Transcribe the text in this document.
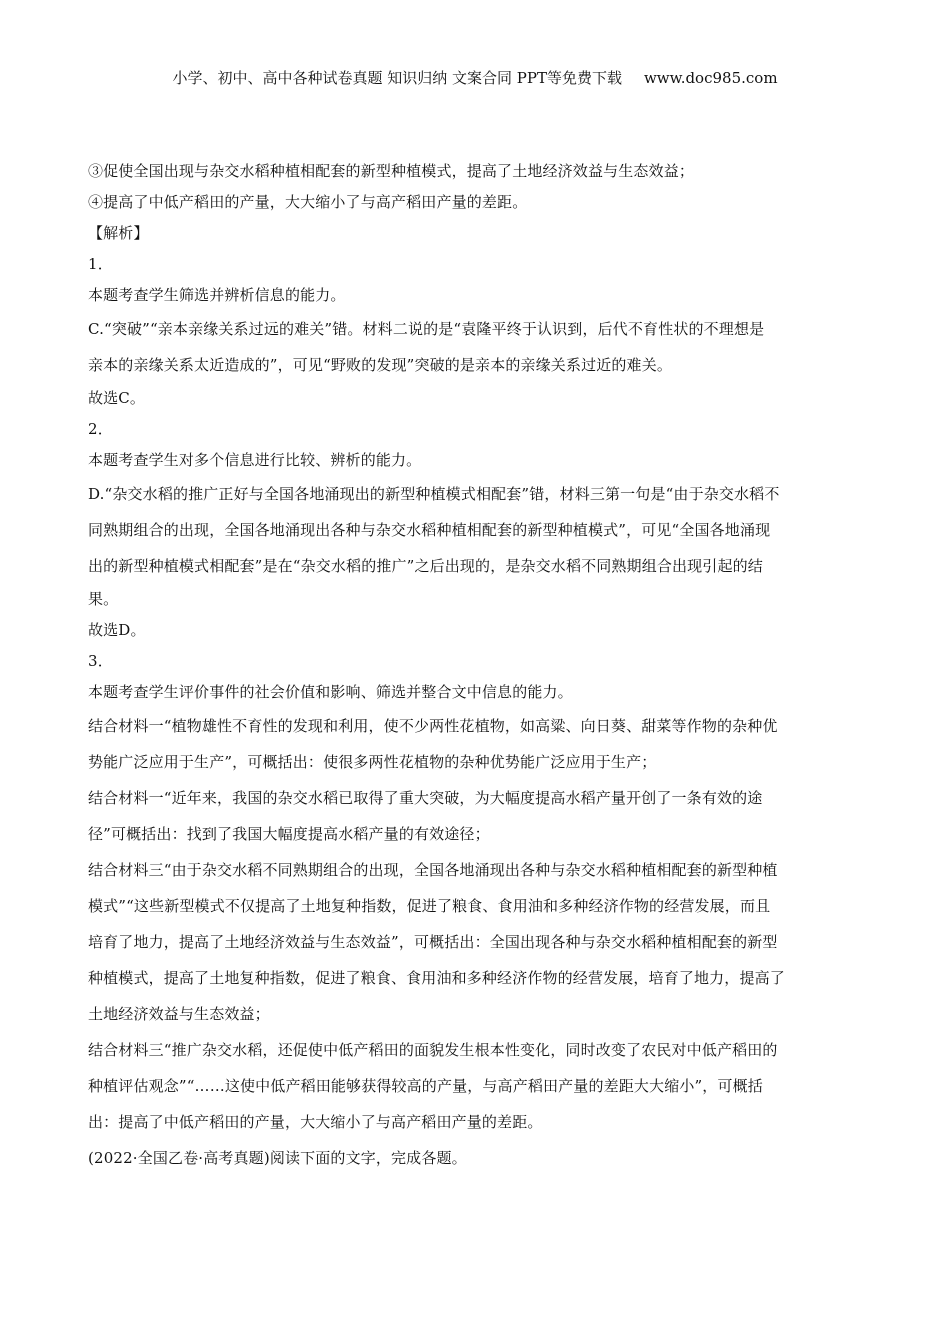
小学、初中、高中各种试卷真题 知识归纳 文案合同 PPT等免费下载 www.doc985.com
③促使全国出现与杂交水稻种植相配套的新型种植模式，提高了土地经济效益与生态效益；
④提高了中低产稻田的产量，大大缩小了与高产稻田产量的差距。
【解析】
1．
本题考查学生筛选并辨析信息的能力。
C.“突破”“亲本亲缘关系过远的难关”错。材料二说的是“袁隆平终于认识到，后代不育性状的不理想是
亲本的亲缘关系太近造成的”，可见“野败的发现”突破的是亲本的亲缘关系过近的难关。
故选C。
2．
本题考查学生对多个信息进行比较、辨析的能力。
D.“杂交水稻的推广正好与全国各地涌现出的新型种植模式相配套”错，材料三第一句是“由于杂交水稻不
同熟期组合的出现，全国各地涌现出各种与杂交水稻种植相配套的新型种植模式”，可见“全国各地涌现
出的新型种植模式相配套”是在“杂交水稻的推广”之后出现的，是杂交水稻不同熟期组合出现引起的结
果。
故选D。
3．
本题考查学生评价事件的社会价值和影响、筛选并整合文中信息的能力。
结合材料一“植物雄性不育性的发现和利用，使不少两性花植物，如高粱、向日葵、甜菜等作物的杂种优
势能广泛应用于生产”，可概括出：使很多两性花植物的杂种优势能广泛应用于生产；
结合材料一“近年来，我国的杂交水稻已取得了重大突破，为大幅度提高水稻产量开创了一条有效的途
径”可概括出：找到了我国大幅度提高水稻产量的有效途径；
结合材料三“由于杂交水稻不同熟期组合的出现，全国各地涌现出各种与杂交水稻种植相配套的新型种植
模式”“这些新型模式不仅提高了土地复种指数，促进了粮食、食用油和多种经济作物的经营发展，而且
培育了地力，提高了土地经济效益与生态效益”，可概括出：全国出现各种与杂交水稻种植相配套的新型
种植模式，提高了土地复种指数，促进了粮食、食用油和多种经济作物的经营发展，培育了地力，提高了
土地经济效益与生态效益；
结合材料三“推广杂交水稻，还促使中低产稻田的面貌发生根本性变化，同时改变了农民对中低产稻田的
种植评估观念”“……这使中低产稻田能够获得较高的产量，与高产稻田产量的差距大大缩小”，可概括
出：提高了中低产稻田的产量，大大缩小了与高产稻田产量的差距。
(2022·全国乙卷·高考真题)阅读下面的文字，完成各题。
